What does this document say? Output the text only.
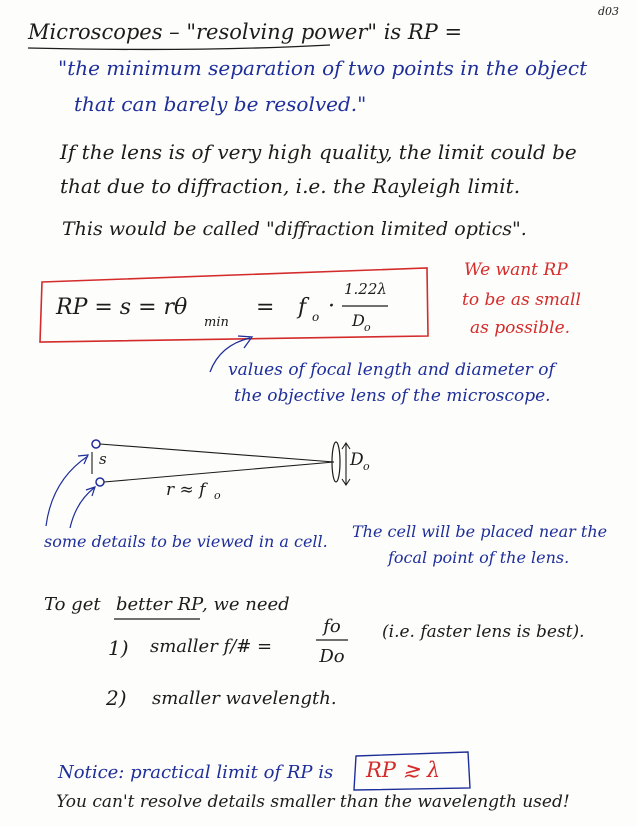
d03
Microscopes – "resolving power" is RP =
"the minimum separation of two points in the object
that can barely be resolved."
If the lens is of very high quality, the limit could be
that due to diffraction, i.e. the Rayleigh limit.
This would be called "diffraction limited optics".
RP = s = rθ
min
= f o ·
1.22λ
D o
We want RP
to be as small
as possible.
values of focal length and diameter of
the objective lens of the microscope.
s	D o
r ≈ f o
some details to be viewed in a cell.
The cell will be placed near the
focal point of the lens.
To get better RP
, we need
1) smaller f/# =
fo
Do
(i.e. faster lens is best).
2) smaller wavelength.
Notice: practical limit of RP is RP ≳ λ
You can't resolve details smaller than the wavelength used!
